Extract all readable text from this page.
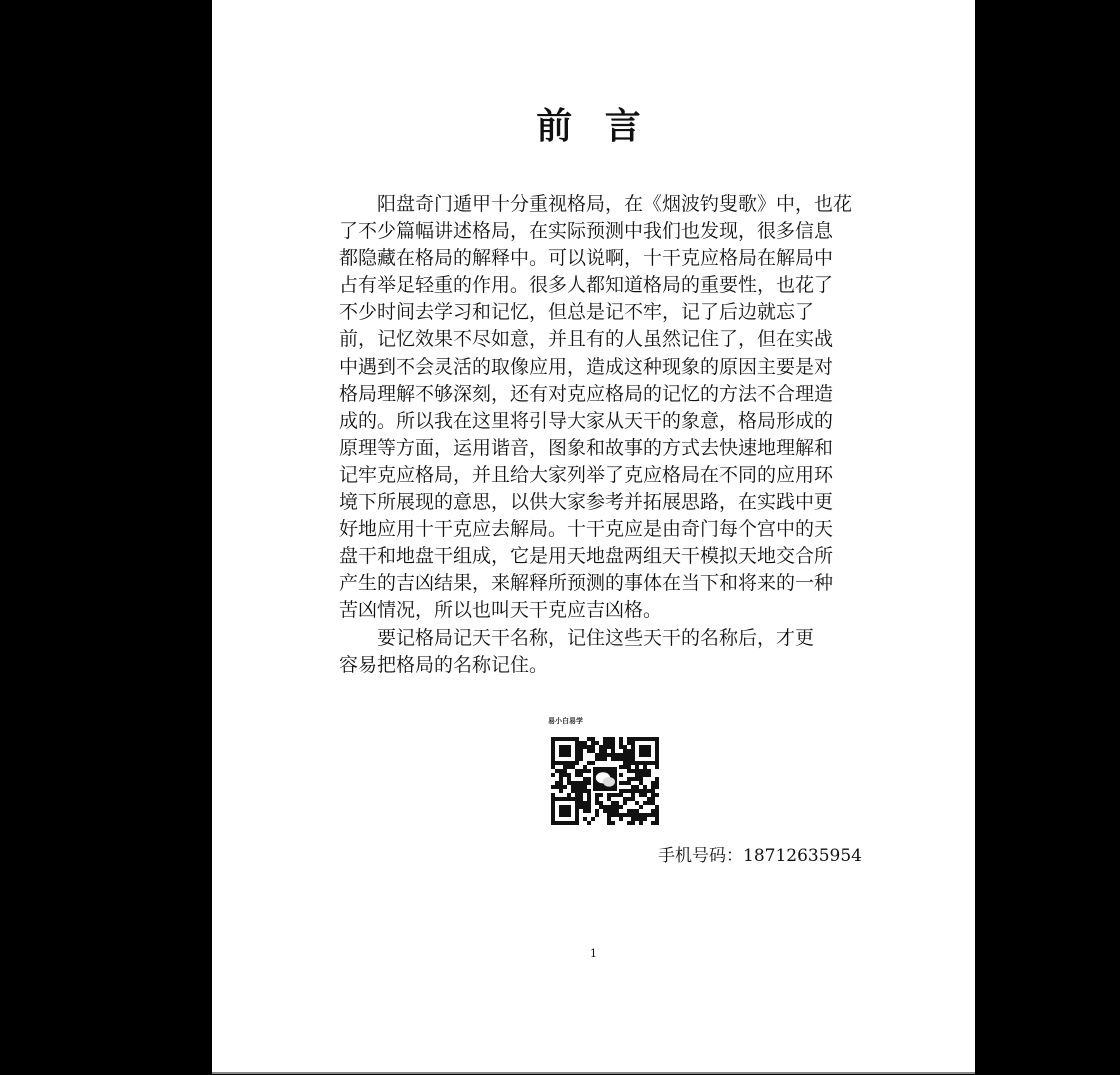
前 言
　　阳盘奇门遁甲十分重视格局，在《烟波钓叟歌》中，也花
了不少篇幅讲述格局，在实际预测中我们也发现，很多信息
都隐藏在格局的解释中。可以说啊，十干克应格局在解局中
占有举足轻重的作用。很多人都知道格局的重要性，也花了
不少时间去学习和记忆，但总是记不牢，记了后边就忘了
前，记忆效果不尽如意，并且有的人虽然记住了，但在实战
中遇到不会灵活的取像应用，造成这种现象的原因主要是对
格局理解不够深刻，还有对克应格局的记忆的方法不合理造
成的。所以我在这里将引导大家从天干的象意，格局形成的
原理等方面，运用谐音，图象和故事的方式去快速地理解和
记牢克应格局，并且给大家列举了克应格局在不同的应用环
境下所展现的意思，以供大家参考并拓展思路，在实践中更
好地应用十干克应去解局。十干克应是由奇门每个宫中的天
盘干和地盘干组成，它是用天地盘两组天干模拟天地交合所
产生的吉凶结果，来解释所预测的事体在当下和将来的一种
苦凶情况，所以也叫天干克应吉凶格。
　　要记格局记天干名称，记住这些天干的名称后，才更
容易把格局的名称记住。
易小白易学
手机号码：18712635954
1
